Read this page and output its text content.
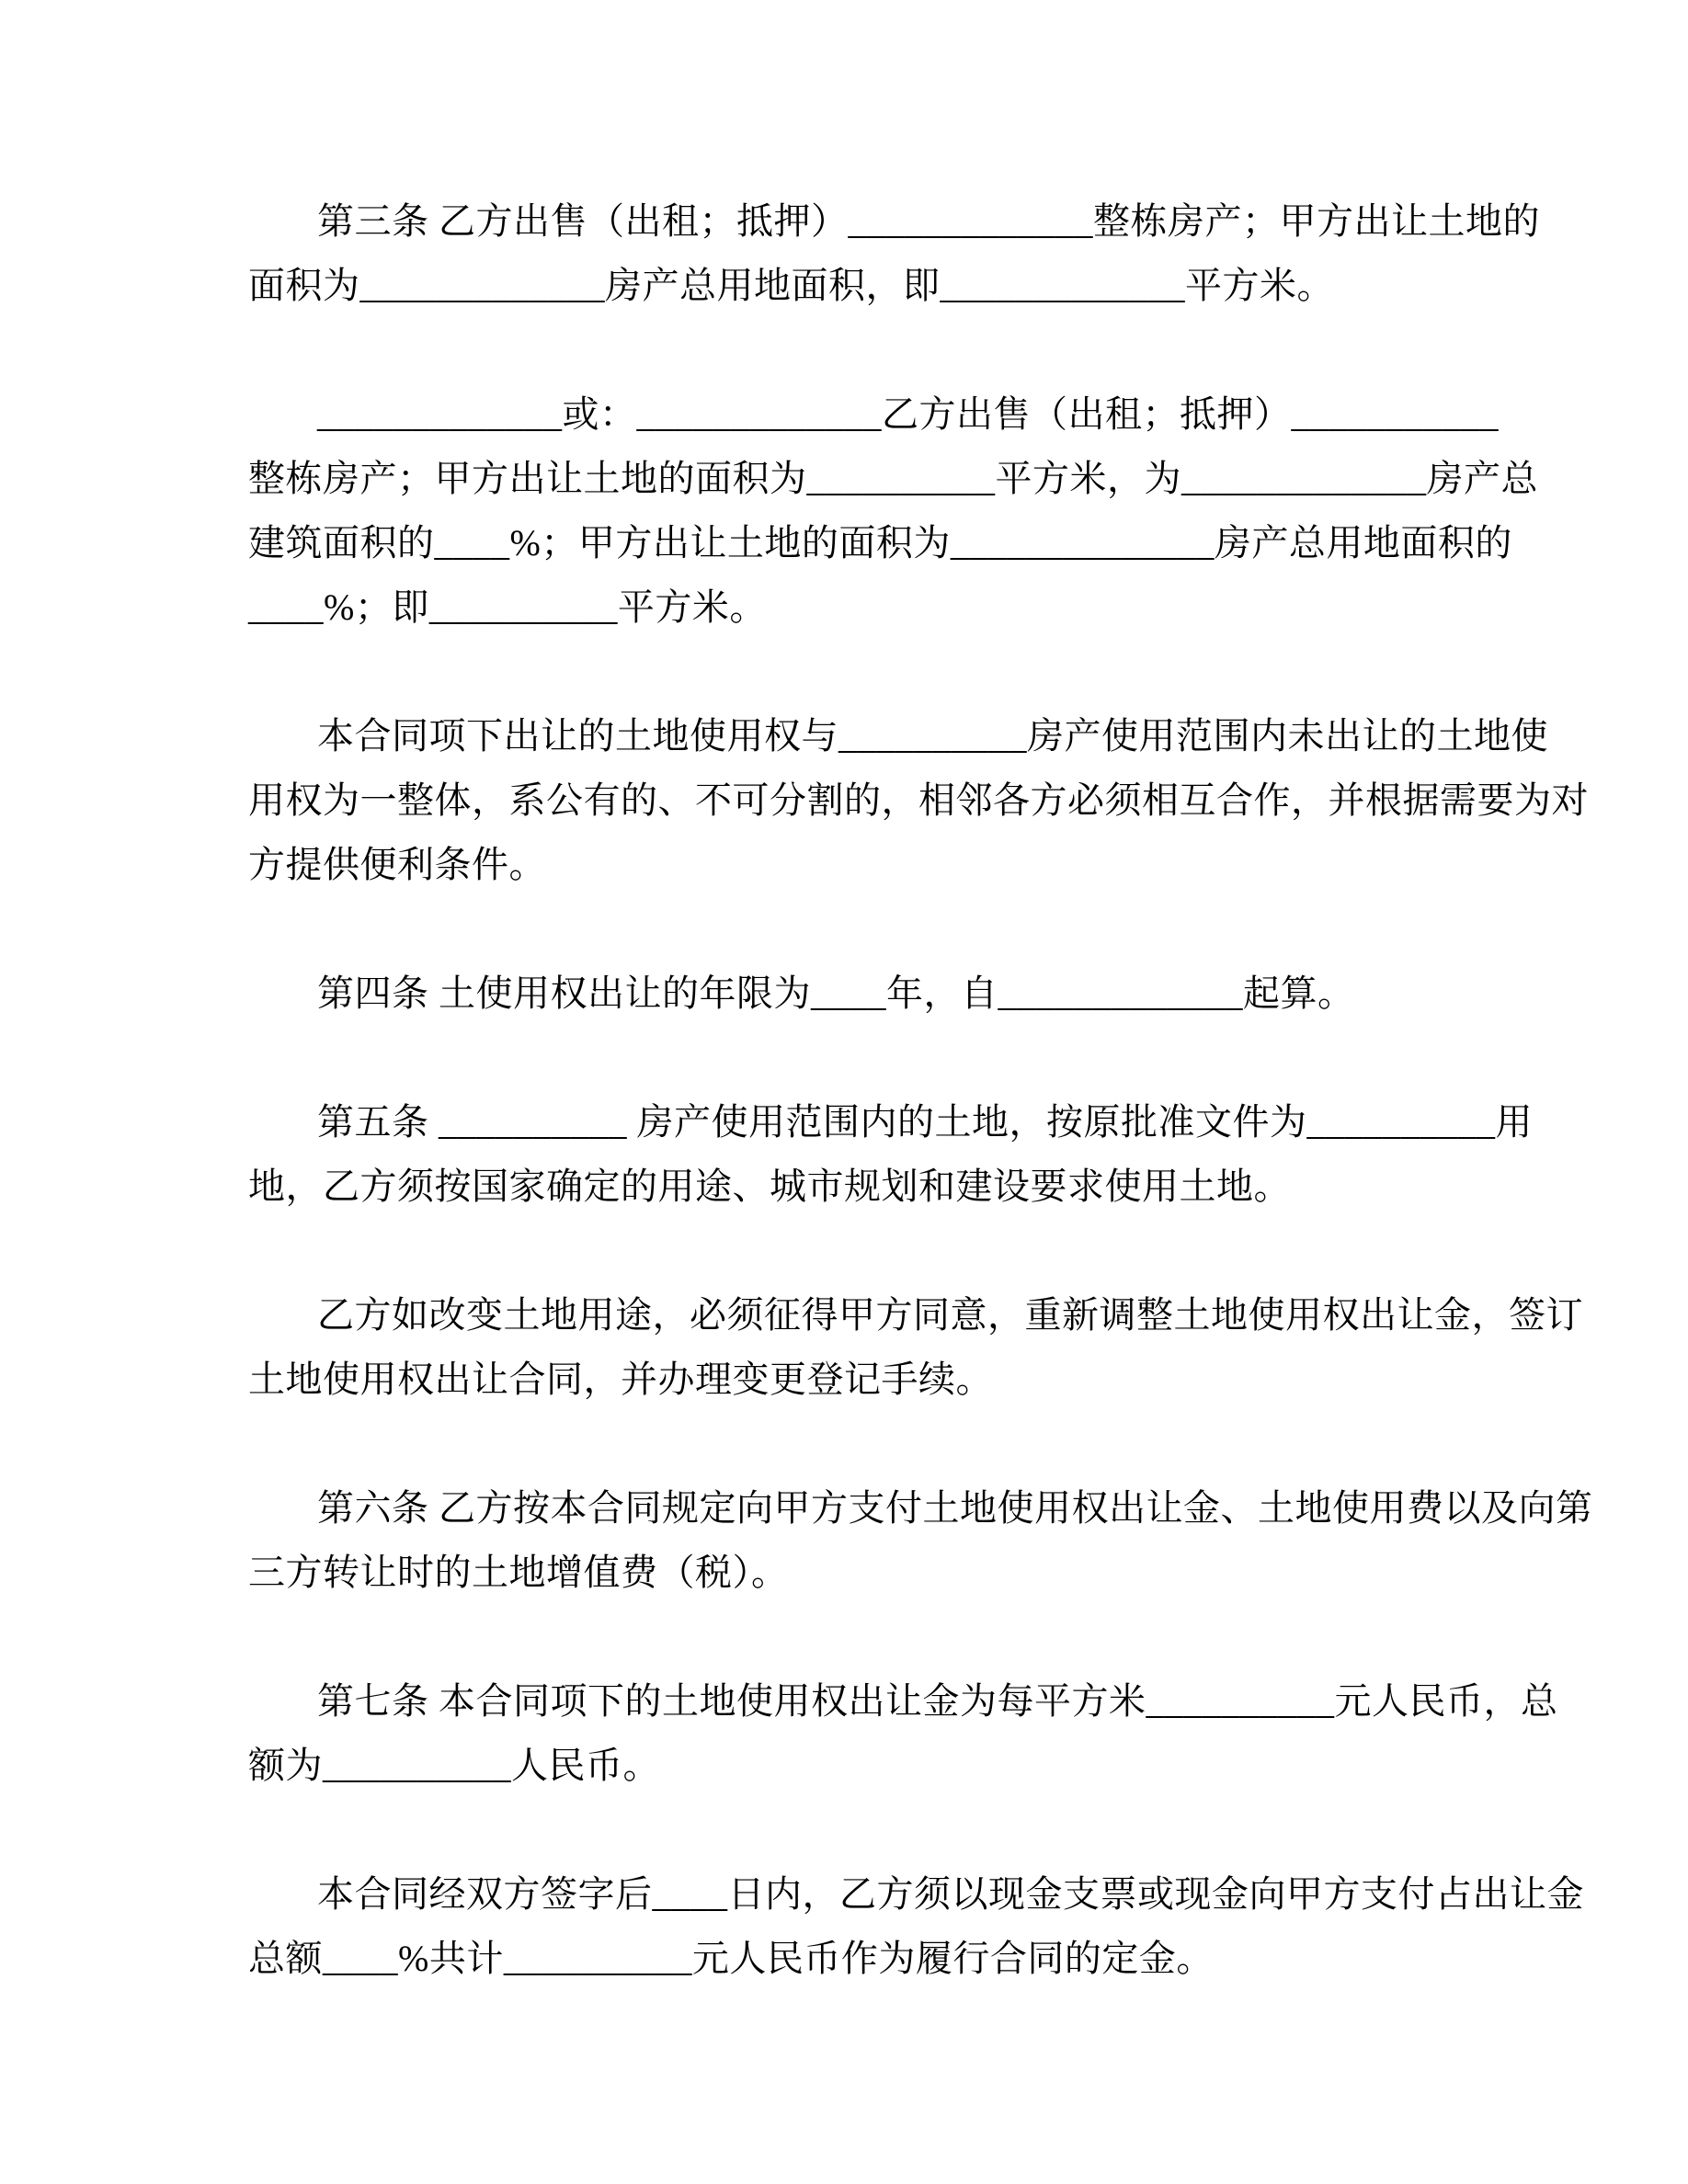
第三条 乙方出售（出租；抵押）_____________整栋房产；甲方出让土地的
面积为_____________房产总用地面积，即_____________平方米。
_____________或：_____________乙方出售（出租；抵押）___________
整栋房产；甲方出让土地的面积为__________平方米，为_____________房产总
建筑面积的____%；甲方出让土地的面积为______________房产总用地面积的
____%；即__________平方米。
本合同项下出让的土地使用权与__________房产使用范围内未出让的土地使
用权为一整体，系公有的、不可分割的，相邻各方必须相互合作，并根据需要为对
方提供便利条件。
第四条 土使用权出让的年限为____年，自_____________起算。
第五条 __________ 房产使用范围内的土地，按原批准文件为__________用
地，乙方须按国家确定的用途、城市规划和建设要求使用土地。
乙方如改变土地用途，必须征得甲方同意，重新调整土地使用权出让金，签订
土地使用权出让合同，并办理变更登记手续。
第六条 乙方按本合同规定向甲方支付土地使用权出让金、土地使用费以及向第
三方转让时的土地增值费（税）。
第七条 本合同项下的土地使用权出让金为每平方米__________元人民币，总
额为__________人民币。
本合同经双方签字后____日内，乙方须以现金支票或现金向甲方支付占出让金
总额____%共计__________元人民币作为履行合同的定金。
